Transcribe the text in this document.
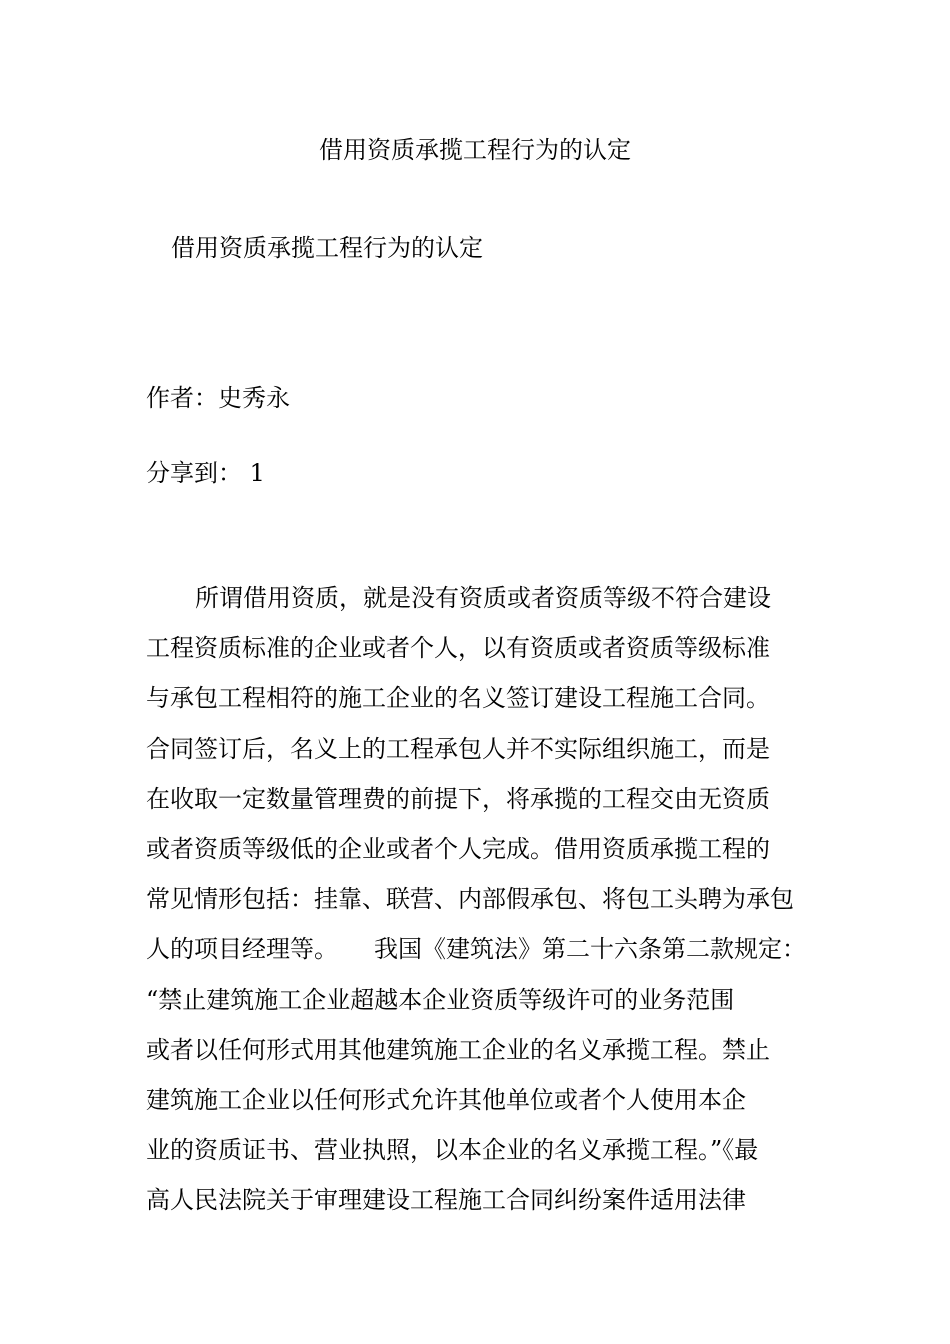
借用资质承揽工程行为的认定
借用资质承揽工程行为的认定
作者：史秀永
分享到： 1
所谓借用资质，就是没有资质或者资质等级不符合建设
工程资质标准的企业或者个人，以有资质或者资质等级标准
与承包工程相符的施工企业的名义签订建设工程施工合同。
合同签订后，名义上的工程承包人并不实际组织施工，而是
在收取一定数量管理费的前提下，将承揽的工程交由无资质
或者资质等级低的企业或者个人完成。借用资质承揽工程的
常见情形包括：挂靠、联营、内部假承包、将包工头聘为承包
人的项目经理等。　　我国《建筑法》第二十六条第二款规定：
“禁止建筑施工企业超越本企业资质等级许可的业务范围
或者以任何形式用其他建筑施工企业的名义承揽工程。禁止
建筑施工企业以任何形式允许其他单位或者个人使用本企
业的资质证书、营业执照，以本企业的名义承揽工程。”《最
高人民法院关于审理建设工程施工合同纠纷案件适用法律
